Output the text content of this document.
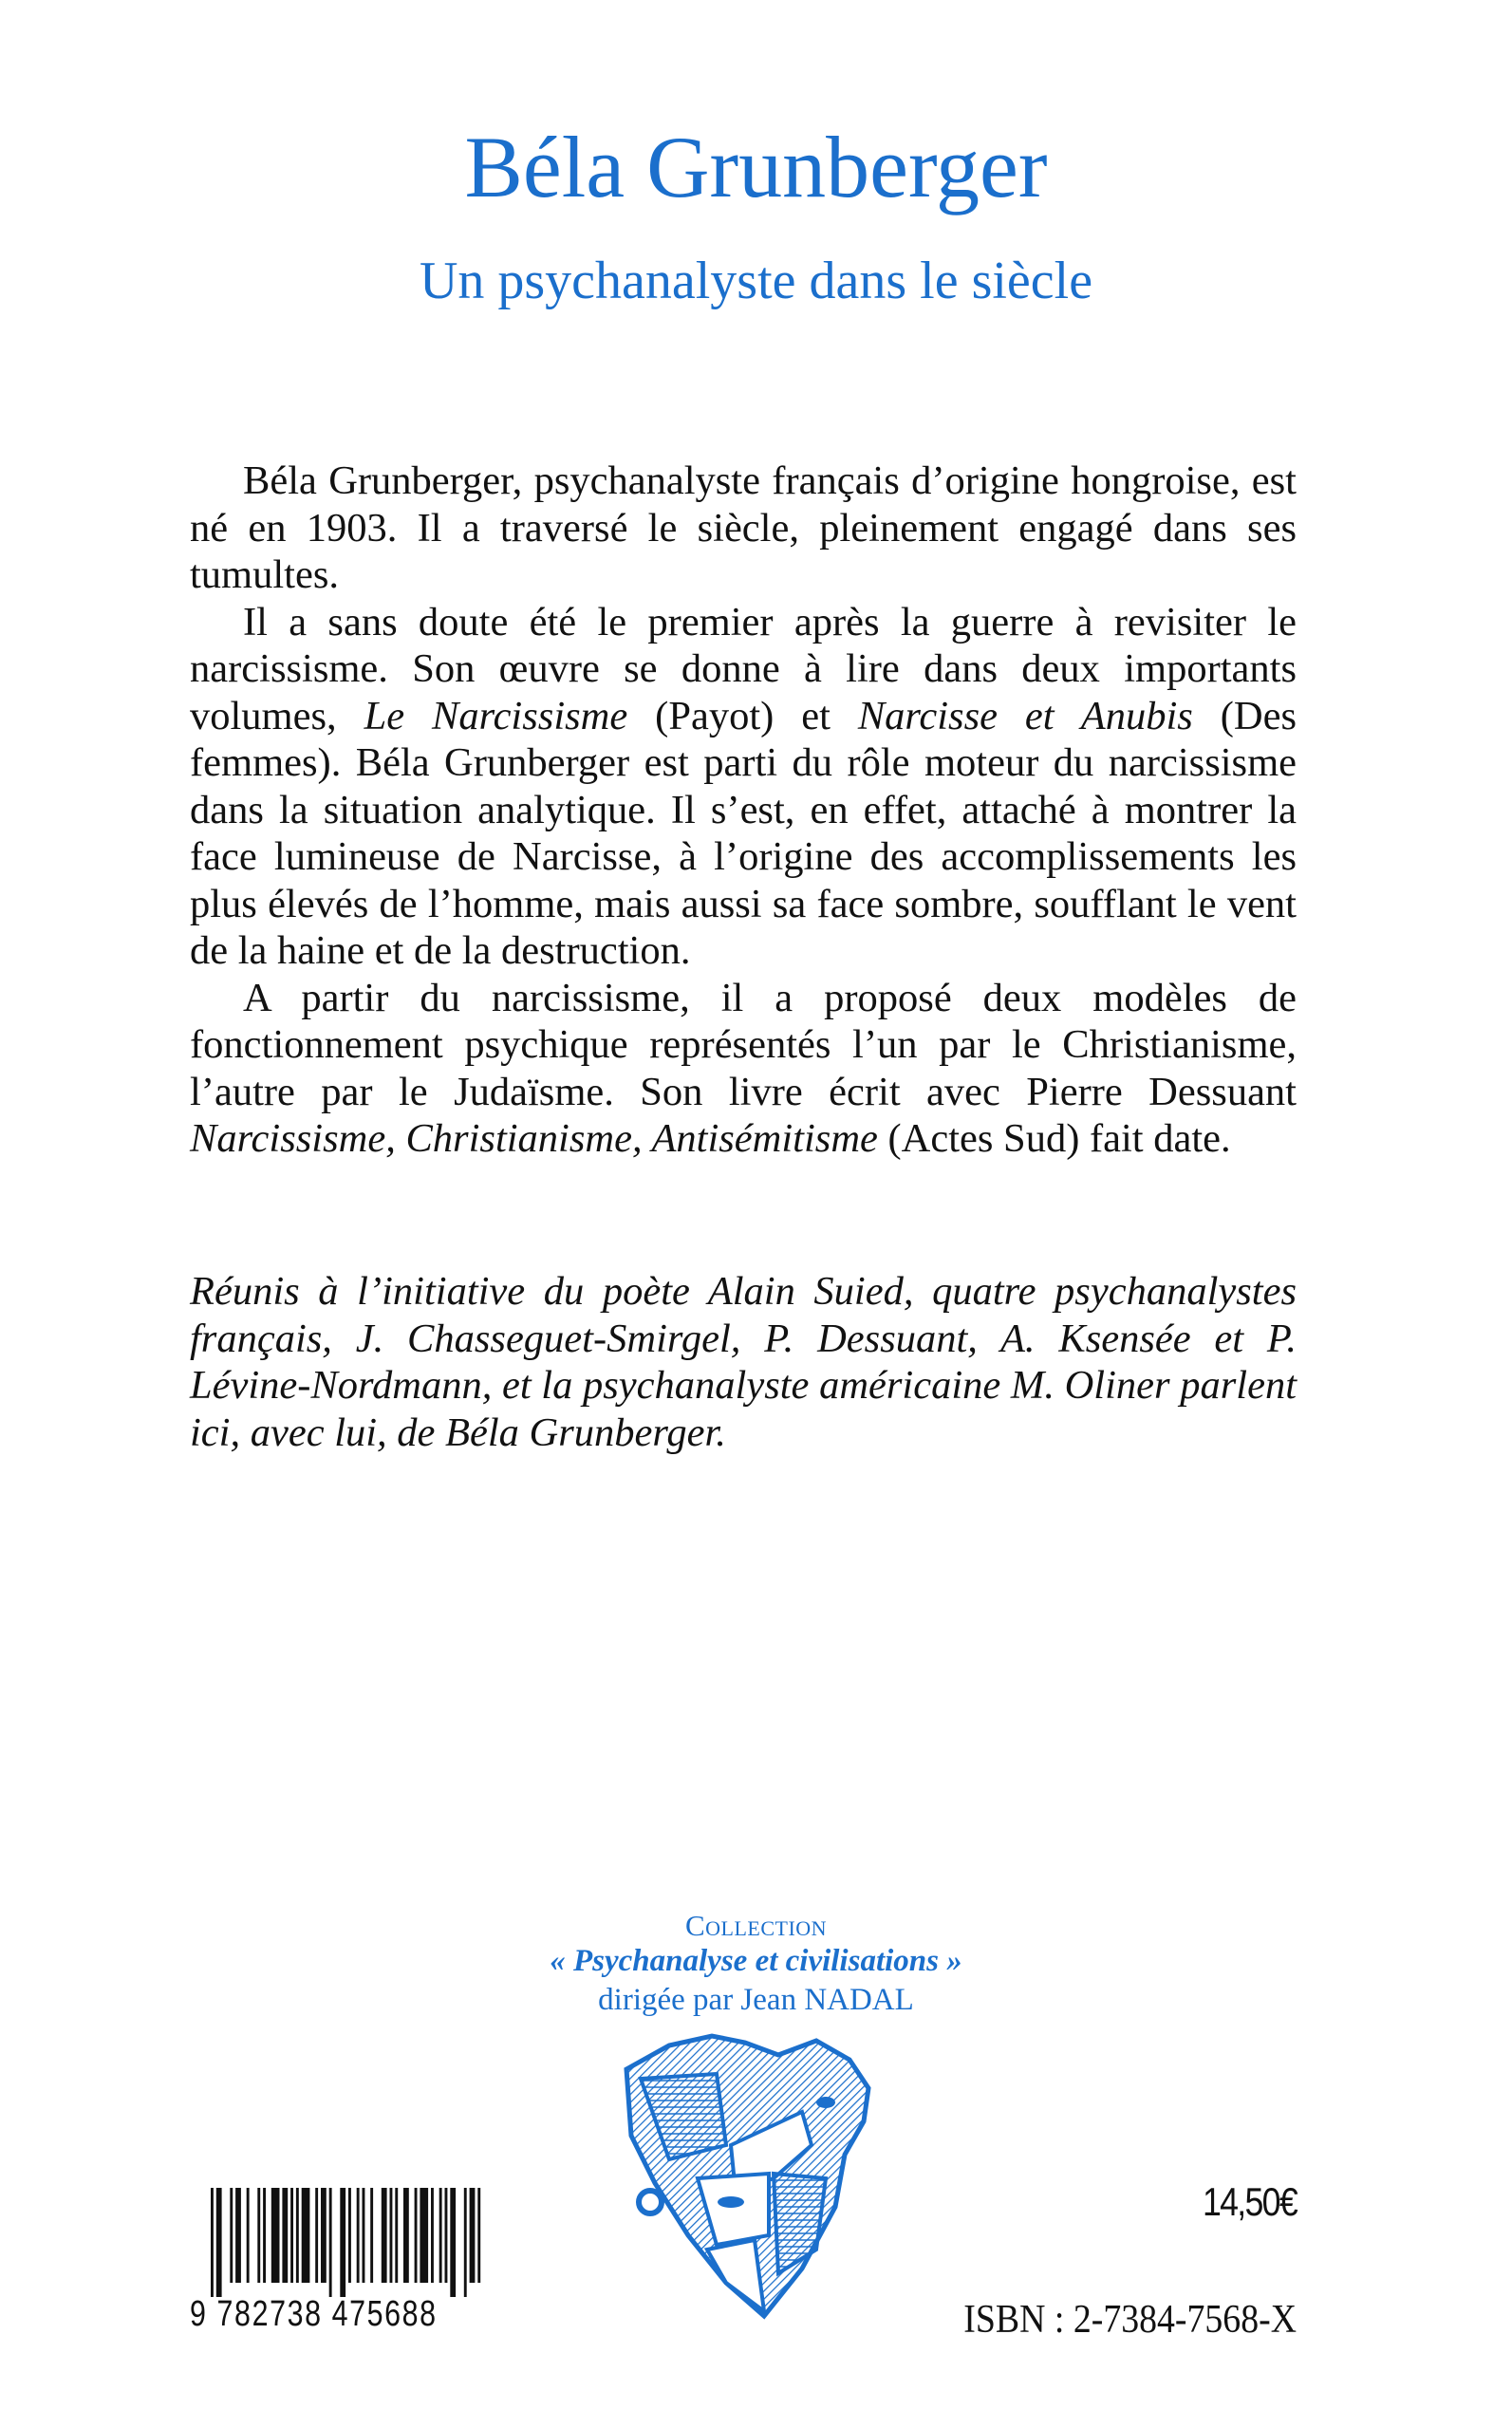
Béla Grunberger
Un psychanalyste dans le siècle

Béla Grunberger, psychanalyste français d’origine hongroise, est né en 1903. Il a traversé le siècle, pleinement engagé dans ses tumultes.

Il a sans doute été le premier après la guerre à revisiter le narcissisme. Son œuvre se donne à lire dans deux importants volumes, Le Narcissisme (Payot) et Narcisse et Anubis (Des femmes). Béla Grunberger est parti du rôle moteur du narcissisme dans la situation analytique. Il s’est, en effet, attaché à montrer la face lumineuse de Narcisse, à l’origine des accomplissements les plus élevés de l’homme, mais aussi sa face sombre, soufflant le vent de la haine et de la destruction.

A partir du narcissisme, il a proposé deux modèles de fonctionnement psychique représentés l’un par le Christianisme, l’autre par le Judaïsme. Son livre écrit avec Pierre Dessuant Narcissisme, Christianisme, Antisémitisme (Actes Sud) fait date.

Réunis à l’initiative du poète Alain Suied, quatre psychanalystes français, J. Chasseguet-Smirgel, P. Dessuant, A. Ksensée et P. Lévine-Nordmann, et la psychanalyste américaine M. Oliner parlent ici, avec lui, de Béla Grunberger.

Collection
« Psychanalyse et civilisations »
dirigée par Jean NADAL
9 782738 475688
14,50€
ISBN : 2-7384-7568-X
